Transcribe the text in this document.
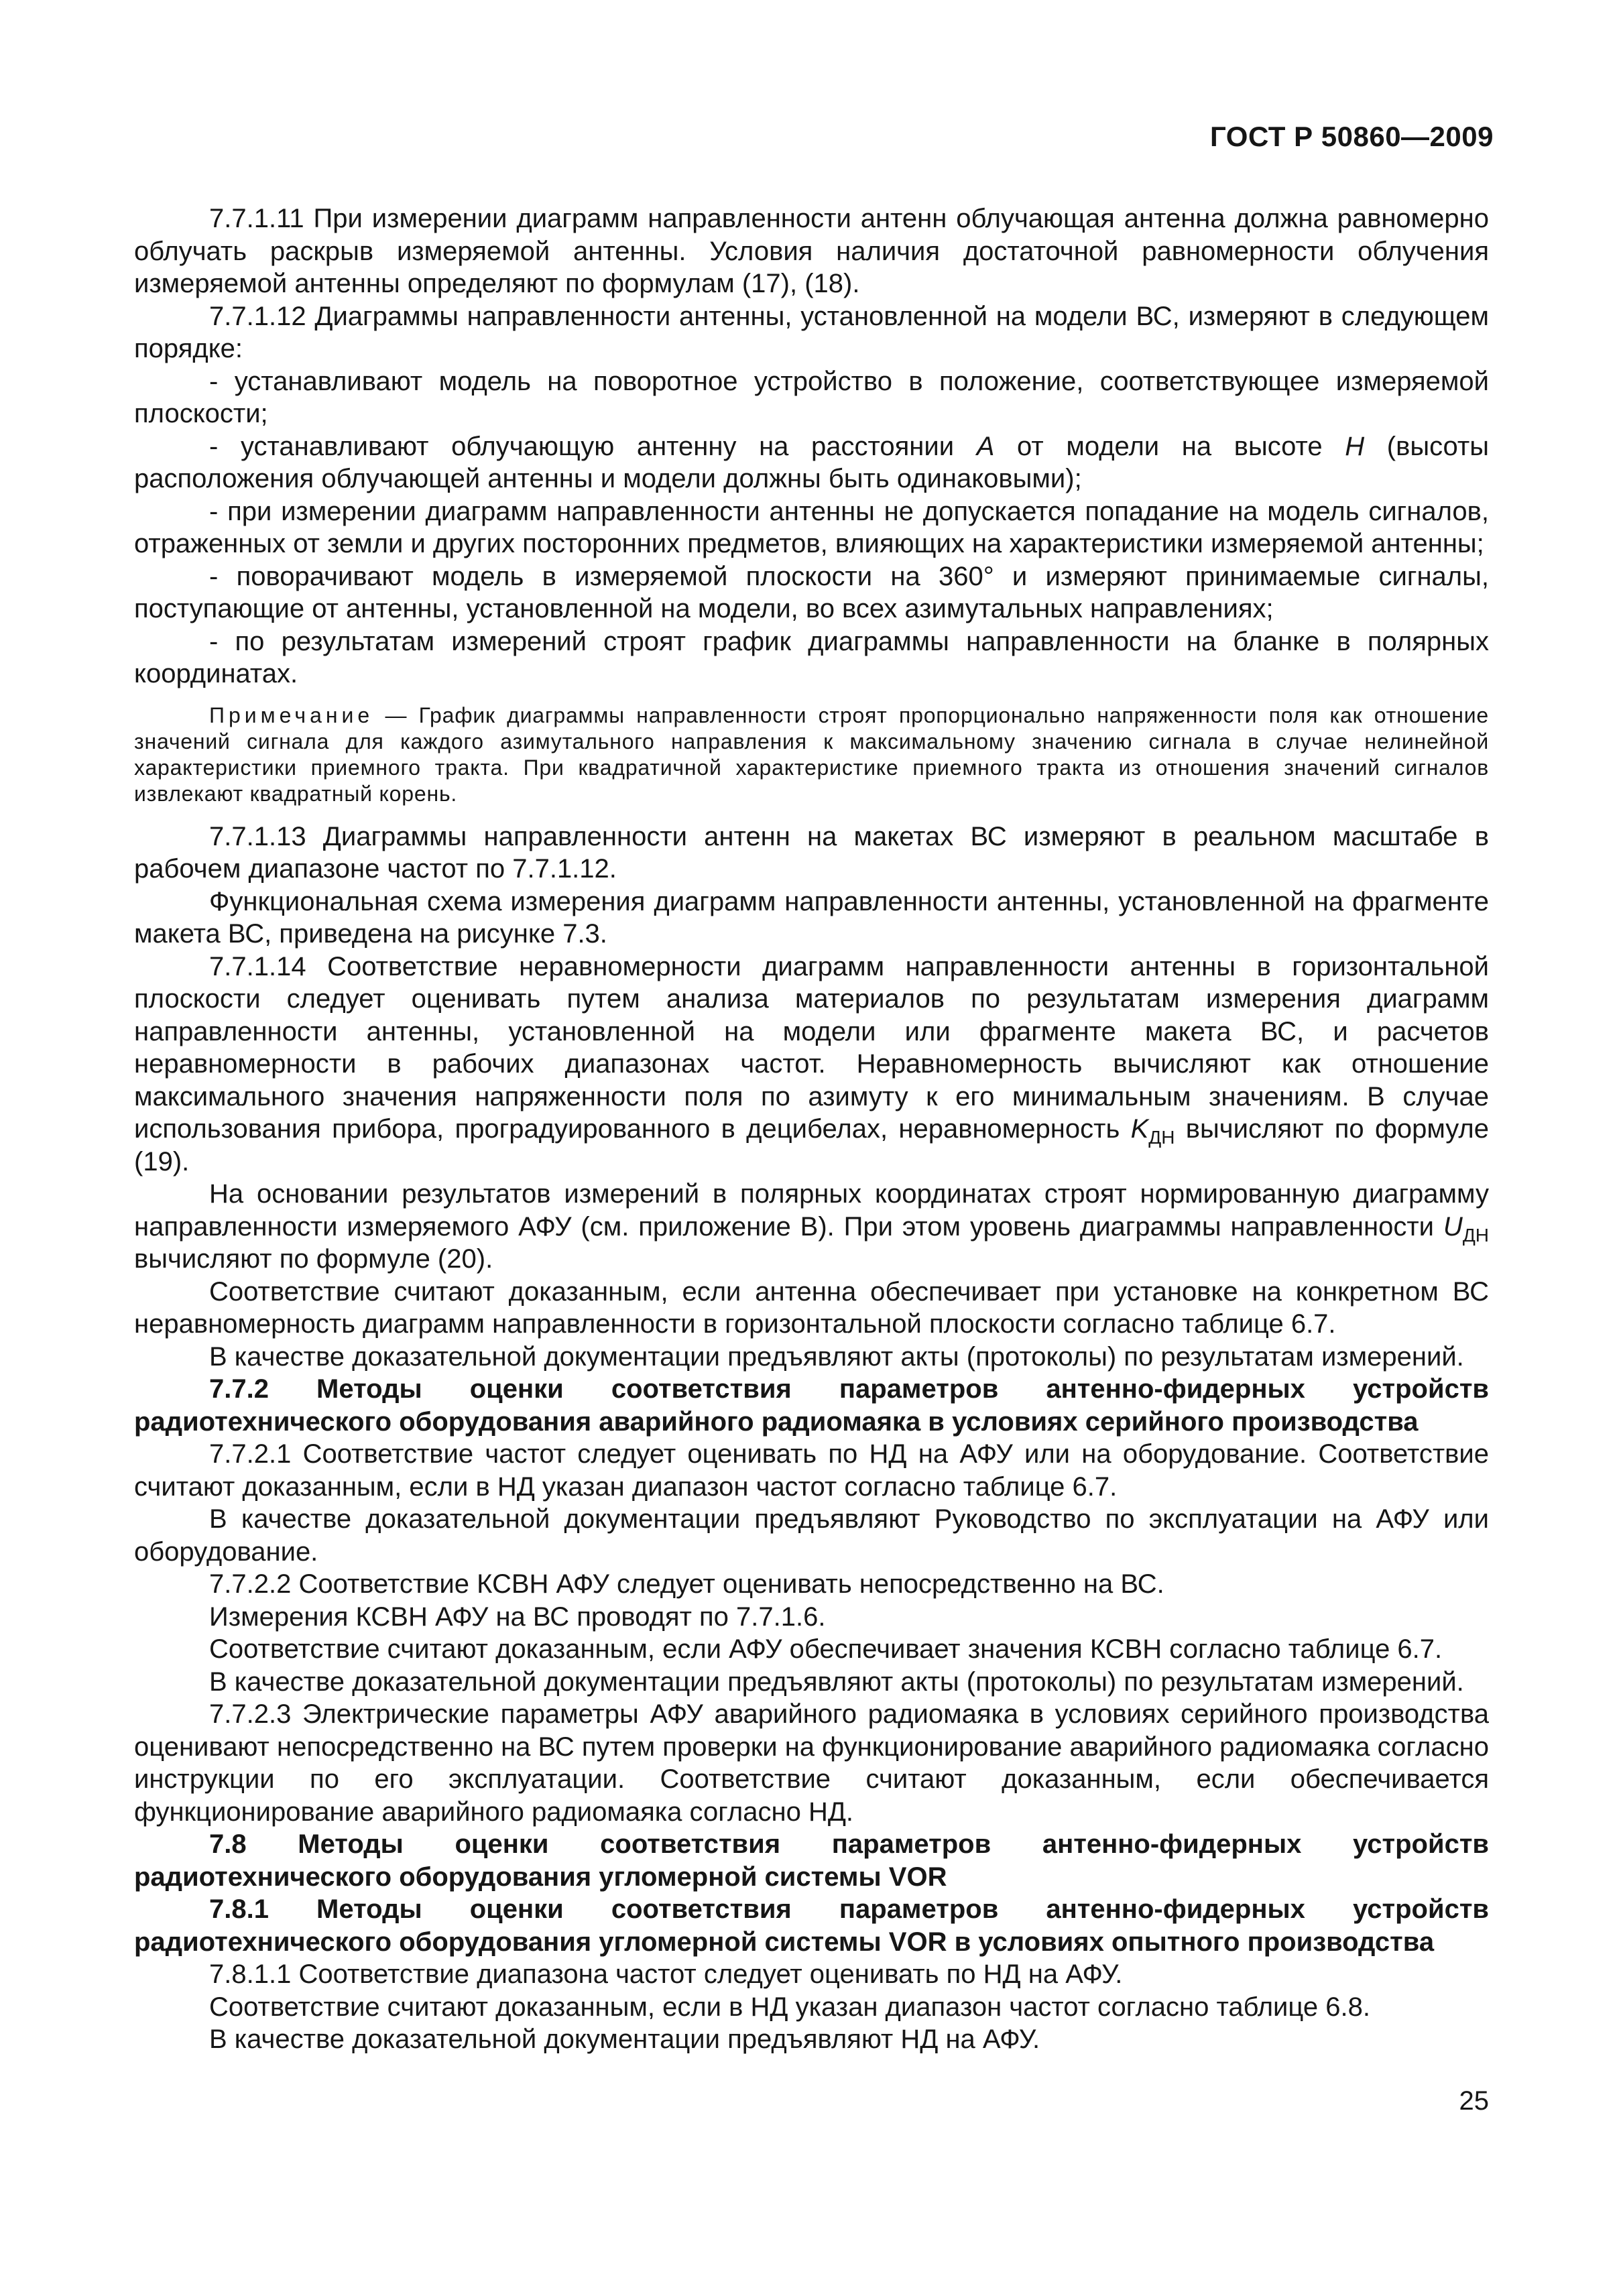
ГОСТ Р 50860—2009

7.7.1.11 При измерении диаграмм направленности антенн облучающая антенна должна равномерно облучать раскрыв измеряемой антенны. Условия наличия достаточной равномерности облучения измеряемой антенны определяют по формулам (17), (18).

7.7.1.12 Диаграммы направленности антенны, установленной на модели ВС, измеряют в следующем порядке:

- устанавливают модель на поворотное устройство в положение, соответствующее измеряемой плоскости;

- устанавливают облучающую антенну на расстоянии A от модели на высоте H (высоты расположения облучающей антенны и модели должны быть одинаковыми);

- при измерении диаграмм направленности антенны не допускается попадание на модель сигналов, отраженных от земли и других посторонних предметов, влияющих на характеристики измеряемой антенны;

- поворачивают модель в измеряемой плоскости на 360° и измеряют принимаемые сигналы, поступающие от антенны, установленной на модели, во всех азимутальных направлениях;

- по результатам измерений строят график диаграммы направленности на бланке в полярных координатах.

Примечание — График диаграммы направленности строят пропорционально напряженности поля как отношение значений сигнала для каждого азимутального направления к максимальному значению сигнала в случае нелинейной характеристики приемного тракта. При квадратичной характеристике приемного тракта из отношения значений сигналов извлекают квадратный корень.

7.7.1.13 Диаграммы направленности антенн на макетах ВС измеряют в реальном масштабе в рабочем диапазоне частот по 7.7.1.12.

Функциональная схема измерения диаграмм направленности антенны, установленной на фрагменте макета ВС, приведена на рисунке 7.3.

7.7.1.14 Соответствие неравномерности диаграмм направленности антенны в горизонтальной плоскости следует оценивать путем анализа материалов по результатам измерения диаграмм направленности антенны, установленной на модели или фрагменте макета ВС, и расчетов неравномерности в рабочих диапазонах частот. Неравномерность вычисляют как отношение максимального значения напряженности поля по азимуту к его минимальным значениям. В случае использования прибора, проградуированного в децибелах, неравномерность $K_{ДН}$ вычисляют по формуле (19).

На основании результатов измерений в полярных координатах строят нормированную диаграмму направленности измеряемого АФУ (см. приложение В). При этом уровень диаграммы направленности $U_{ДН}$ вычисляют по формуле (20).

Соответствие считают доказанным, если антенна обеспечивает при установке на конкретном ВС неравномерность диаграмм направленности в горизонтальной плоскости согласно таблице 6.7.

В качестве доказательной документации предъявляют акты (протоколы) по результатам измерений.

7.7.2 Методы оценки соответствия параметров антенно-фидерных устройств

радиотехнического оборудования аварийного радиомаяка в условиях серийного производства

7.7.2.1 Соответствие частот следует оценивать по НД на АФУ или на оборудование. Соответствие считают доказанным, если в НД указан диапазон частот согласно таблице 6.7.

В качестве доказательной документации предъявляют Руководство по эксплуатации на АФУ или оборудование.

7.7.2.2 Соответствие КСВН АФУ следует оценивать непосредственно на ВС.

Измерения КСВН АФУ на ВС проводят по 7.7.1.6.

Соответствие считают доказанным, если АФУ обеспечивает значения КСВН согласно таблице 6.7.

В качестве доказательной документации предъявляют акты (протоколы) по результатам измерений.

7.7.2.3 Электрические параметры АФУ аварийного радиомаяка в условиях серийного производства оценивают непосредственно на ВС путем проверки на функционирование аварийного радиомаяка согласно инструкции по его эксплуатации. Соответствие считают доказанным, если обеспечивается функционирование аварийного радиомаяка согласно НД.

7.8 Методы оценки соответствия параметров антенно-фидерных устройств

радиотехнического оборудования угломерной системы VOR

7.8.1 Методы оценки соответствия параметров антенно-фидерных устройств

радиотехнического оборудования угломерной системы VOR в условиях опытного производства

7.8.1.1 Соответствие диапазона частот следует оценивать по НД на АФУ.

Соответствие считают доказанным, если в НД указан диапазон частот согласно таблице 6.8.

В качестве доказательной документации предъявляют НД на АФУ.

25
